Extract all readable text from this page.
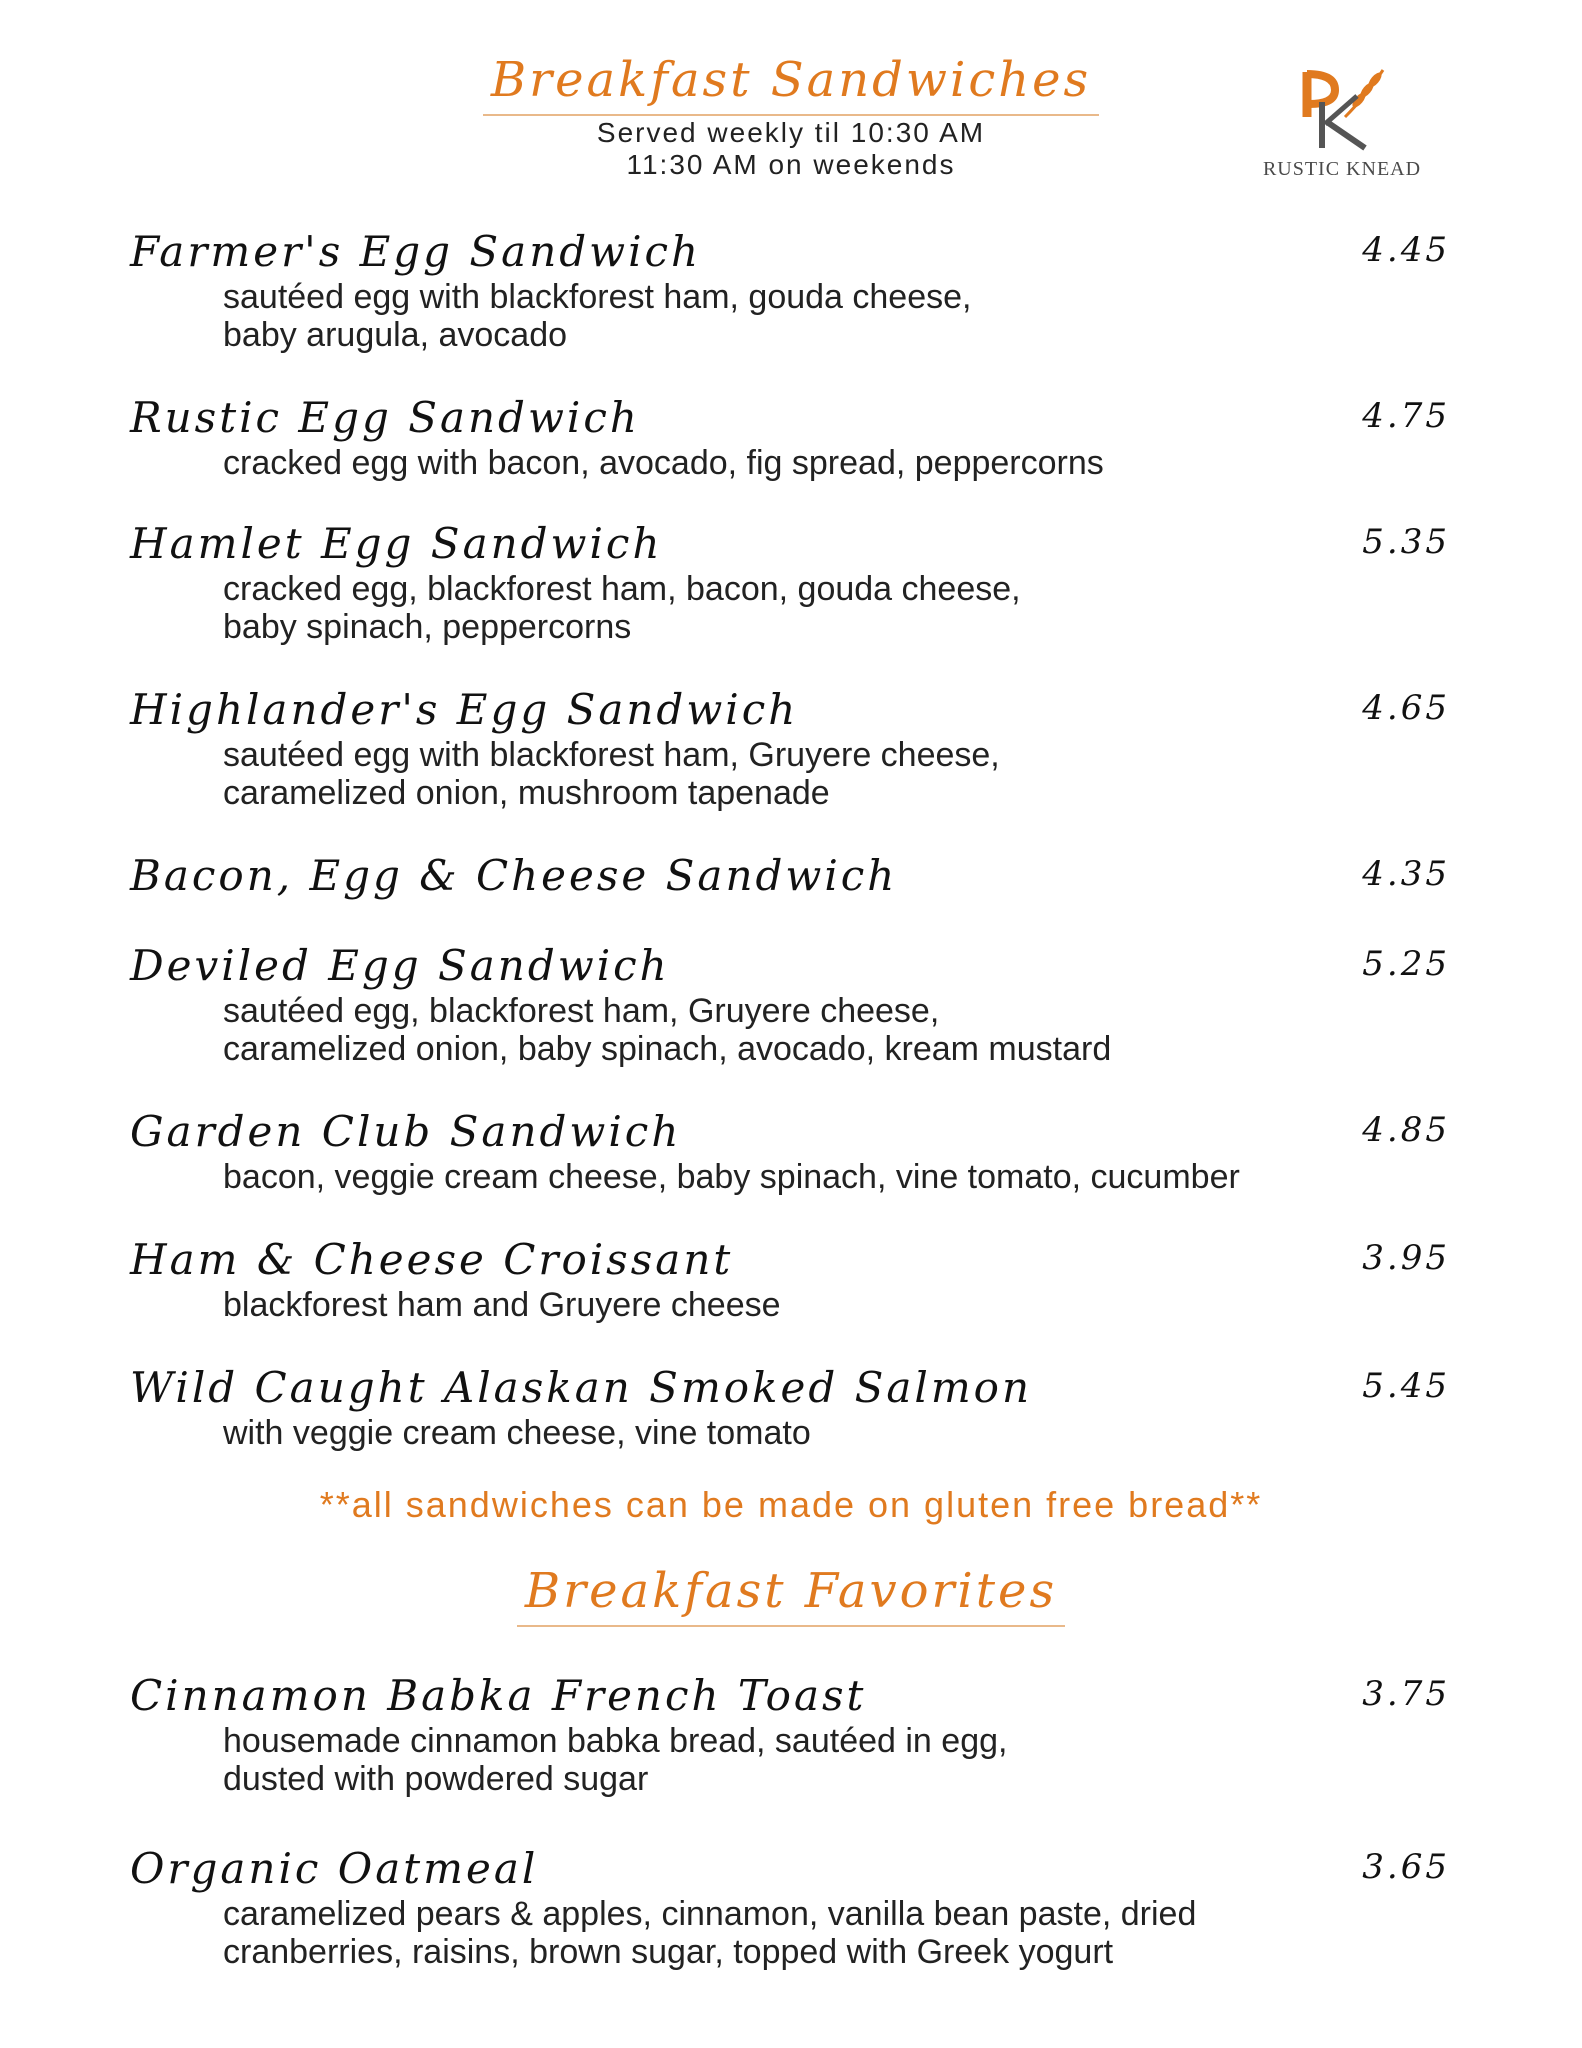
Breakfast Sandwiches
Served weekly til 10:30 AM
11:30 AM on weekends	RUSTIC KNEAD
Farmer's Egg Sandwich	4.45
sautéed egg with blackforest ham, gouda cheese,
baby arugula, avocado
Rustic Egg Sandwich	4.75
cracked egg with bacon, avocado, fig spread, peppercorns
Hamlet Egg Sandwich	5.35
cracked egg, blackforest ham, bacon, gouda cheese,
baby spinach, peppercorns
Highlander's Egg Sandwich	4.65
sautéed egg with blackforest ham, Gruyere cheese,
caramelized onion, mushroom tapenade
Bacon, Egg & Cheese Sandwich	4.35
Deviled Egg Sandwich	5.25
sautéed egg, blackforest ham, Gruyere cheese,
caramelized onion, baby spinach, avocado, kream mustard
Garden Club Sandwich	4.85
bacon, veggie cream cheese, baby spinach, vine tomato, cucumber
Ham & Cheese Croissant	3.95
blackforest ham and Gruyere cheese
Wild Caught Alaskan Smoked Salmon	5.45
with veggie cream cheese, vine tomato
**all sandwiches can be made on gluten free bread**
Breakfast Favorites
Cinnamon Babka French Toast	3.75
housemade cinnamon babka bread, sautéed in egg,
dusted with powdered sugar
Organic Oatmeal	3.65
caramelized pears & apples, cinnamon, vanilla bean paste, dried
cranberries, raisins, brown sugar, topped with Greek yogurt
